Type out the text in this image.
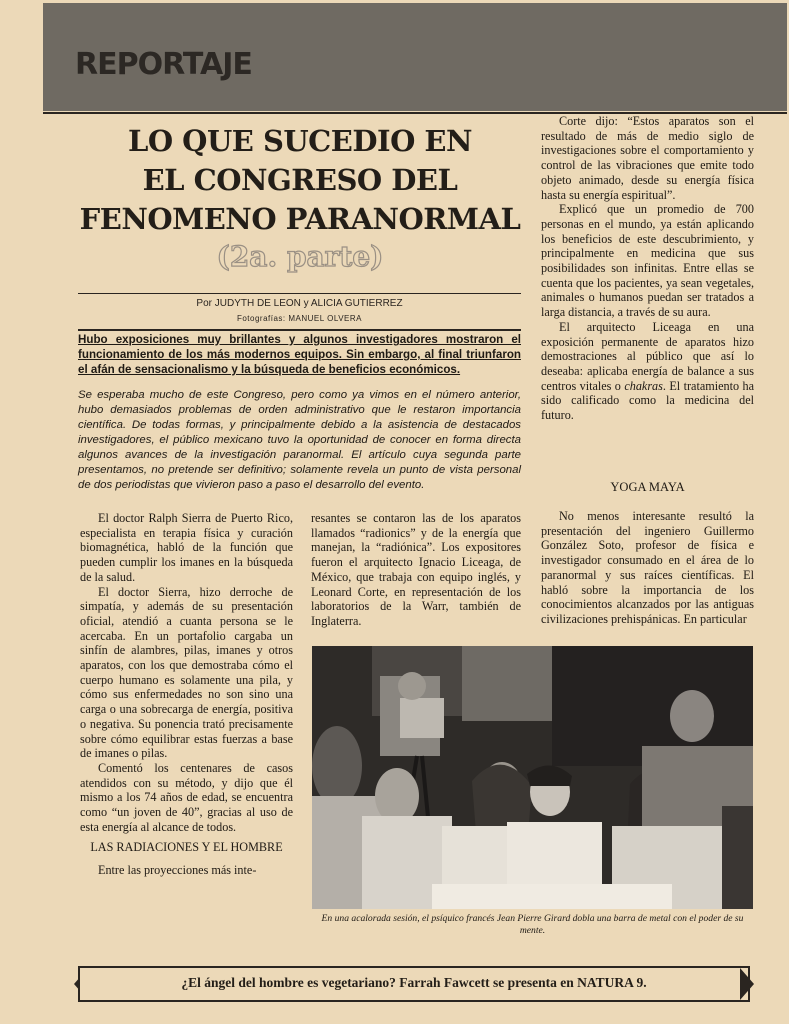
REPORTAJE
LO QUE SUCEDIO EN
EL CONGRESO DEL
FENOMENO PARANORMAL
(2a. parte)
Por JUDYTH DE LEON y ALICIA GUTIERREZ
Fotografías: MANUEL OLVERA
Hubo exposiciones muy brillantes y algunos investigadores mostraron el funcionamiento de los más modernos equipos. Sin embargo, al final triunfaron el afán de sensacionalismo y la búsqueda de beneficios económicos.
Se esperaba mucho de este Congreso, pero como ya vimos en el número anterior, hubo demasiados problemas de orden administrativo que le restaron importancia científica. De todas formas, y principalmente debido a la asistencia de destacados investigadores, el público mexicano tuvo la oportunidad de conocer en forma directa algunos avances de la investigación paranormal. El artículo cuya segunda parte presentamos, no pretende ser definitivo; solamente revela un punto de vista personal de dos periodistas que vivieron paso a paso el desarrollo del evento.

El doctor Ralph Sierra de Puerto Rico, especialista en terapia física y curación biomagnética, habló de la función que pueden cumplir los imanes en la búsqueda de la salud.

El doctor Sierra, hizo derroche de simpatía, y además de su presentación oficial, atendió a cuanta persona se le acercaba. En un portafolio cargaba un sinfín de alambres, pilas, imanes y otros aparatos, con los que demostraba cómo el cuerpo humano es solamente una pila, y cómo sus enfermedades no son sino una carga o una sobrecarga de energía, positiva o negativa. Su ponencia trató precisamente sobre cómo equilibrar estas fuerzas a base de imanes o pilas.

Comentó los centenares de casos atendidos con su método, y dijo que él mismo a los 74 años de edad, se encuentra como “un joven de 40”, gracias al uso de esta energía al alcance de todos.

LAS RADIACIONES Y EL HOMBRE

Entre las proyecciones más inte-

resantes se contaron las de los aparatos llamados “radionics” y de la energía que manejan, la “radiónica”. Los expositores fueron el arquitecto Ignacio Liceaga, de México, que trabaja con equipo inglés, y Leonard Corte, en representación de los laboratorios de la Warr, también de Inglaterra.

Corte dijo: “Estos aparatos son el resultado de más de medio siglo de investigaciones sobre el comportamiento y control de las vibraciones que emite todo objeto animado, desde su energía física hasta su energía espiritual”.

Explicó que un promedio de 700 personas en el mundo, ya están aplicando los beneficios de este descubrimiento, y principalmente en medicina que sus posibilidades son infinitas. Entre ellas se cuenta que los pacientes, ya sean vegetales, animales o humanos puedan ser tratados a larga distancia, a través de su aura.

El arquitecto Liceaga en una exposición permanente de aparatos hizo demostraciones al público que así lo deseaba: aplicaba energía de balance a sus centros vitales o chakras. El tratamiento ha sido calificado como la medicina del futuro.

YOGA MAYA

No menos interesante resultó la presentación del ingeniero Guillermo González Soto, profesor de física e investigador consumado en el área de lo paranormal y sus raíces científicas. El habló sobre la importancia de los conocimientos alcanzados por las antiguas civilizaciones prehispánicas. En particular

En una acalorada sesión, el psíquico francés Jean Pierre Girard dobla una barra de metal con el poder de su mente.
¿El ángel del hombre es vegetariano? Farrah Fawcett se presenta en NATURA 9.
